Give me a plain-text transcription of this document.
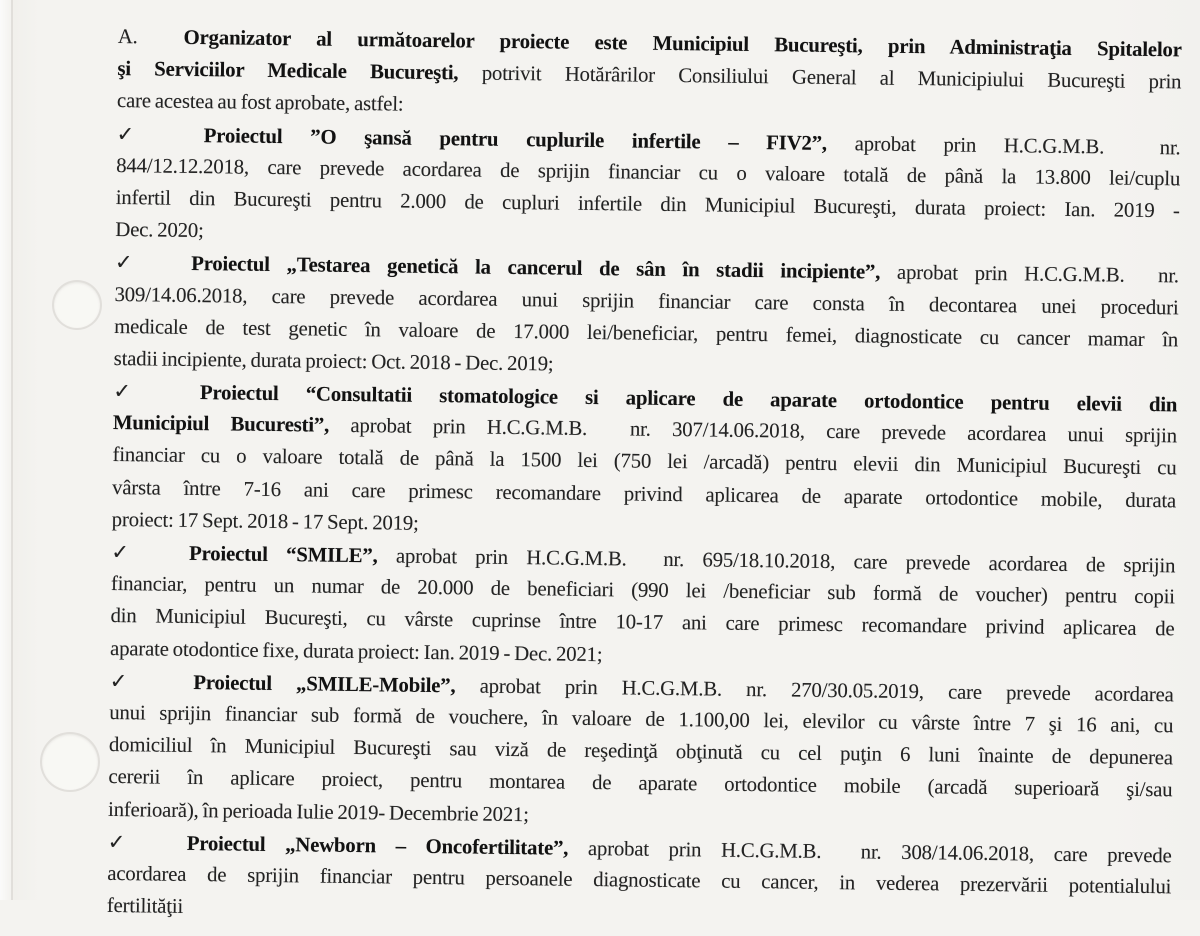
A. Organizator al următoarelor proiecte este Municipiul Bucureşti, prin Administraţia Spitalelor
şi Serviciilor Medicale Bucureşti, potrivit Hotărârilor Consiliului General al Municipiului Bucureşti prin
care acestea au fost aprobate, astfel:
✓ Proiectul ”O şansă pentru cuplurile infertile – FIV2”, aprobat prin H.C.G.M.B.  nr.
844/12.12.2018, care prevede acordarea de sprijin financiar cu o valoare totală de până la 13.800 lei/cuplu
infertil din Bucureşti pentru 2.000 de cupluri infertile din Municipiul Bucureşti, durata proiect: Ian. 2019 -
Dec. 2020;
✓ Proiectul „Testarea genetică la cancerul de sân în stadii incipiente”, aprobat prin H.C.G.M.B.  nr.
309/14.06.2018, care prevede acordarea unui sprijin financiar care consta în decontarea unei proceduri
medicale de test genetic în valoare de 17.000 lei/beneficiar, pentru femei, diagnosticate cu cancer mamar în
stadii incipiente, durata proiect: Oct. 2018 - Dec. 2019;
✓ Proiectul “Consultatii stomatologice si aplicare de aparate ortodontice pentru elevii din
Municipiul Bucuresti”, aprobat prin H.C.G.M.B.  nr. 307/14.06.2018, care prevede acordarea unui sprijin
financiar cu o valoare totală de până la 1500 lei (750 lei /arcadă) pentru elevii din Municipiul Bucureşti cu
vârsta între 7-16 ani care primesc recomandare privind aplicarea de aparate ortodontice mobile, durata
proiect: 17 Sept. 2018 - 17 Sept. 2019;
✓ Proiectul “SMILE”, aprobat prin H.C.G.M.B.  nr. 695/18.10.2018, care prevede acordarea de sprijin
financiar, pentru un numar de 20.000 de beneficiari (990 lei /beneficiar sub formă de voucher) pentru copii
din Municipiul Bucureşti, cu vârste cuprinse între 10-17 ani care primesc recomandare privind aplicarea de
aparate otodontice fixe, durata proiect: Ian. 2019 - Dec. 2021;
✓ Proiectul „SMILE-Mobile”, aprobat prin H.C.G.M.B. nr. 270/30.05.2019, care prevede acordarea
unui sprijin financiar sub formă de vouchere, în valoare de 1.100,00 lei, elevilor cu vârste între 7 şi 16 ani, cu
domiciliul în Municipiul Bucureşti sau viză de reşedinţă obţinută cu cel puţin 6 luni înainte de depunerea
cererii în aplicare proiect, pentru montarea de aparate ortodontice mobile (arcadă superioară şi/sau
inferioară), în perioada Iulie 2019- Decembrie 2021;
✓ Proiectul „Newborn – Oncofertilitate”, aprobat prin H.C.G.M.B.  nr. 308/14.06.2018, care prevede
acordarea de sprijin financiar pentru persoanele diagnosticate cu cancer, in vederea prezervării potentialului
fertilităţii
